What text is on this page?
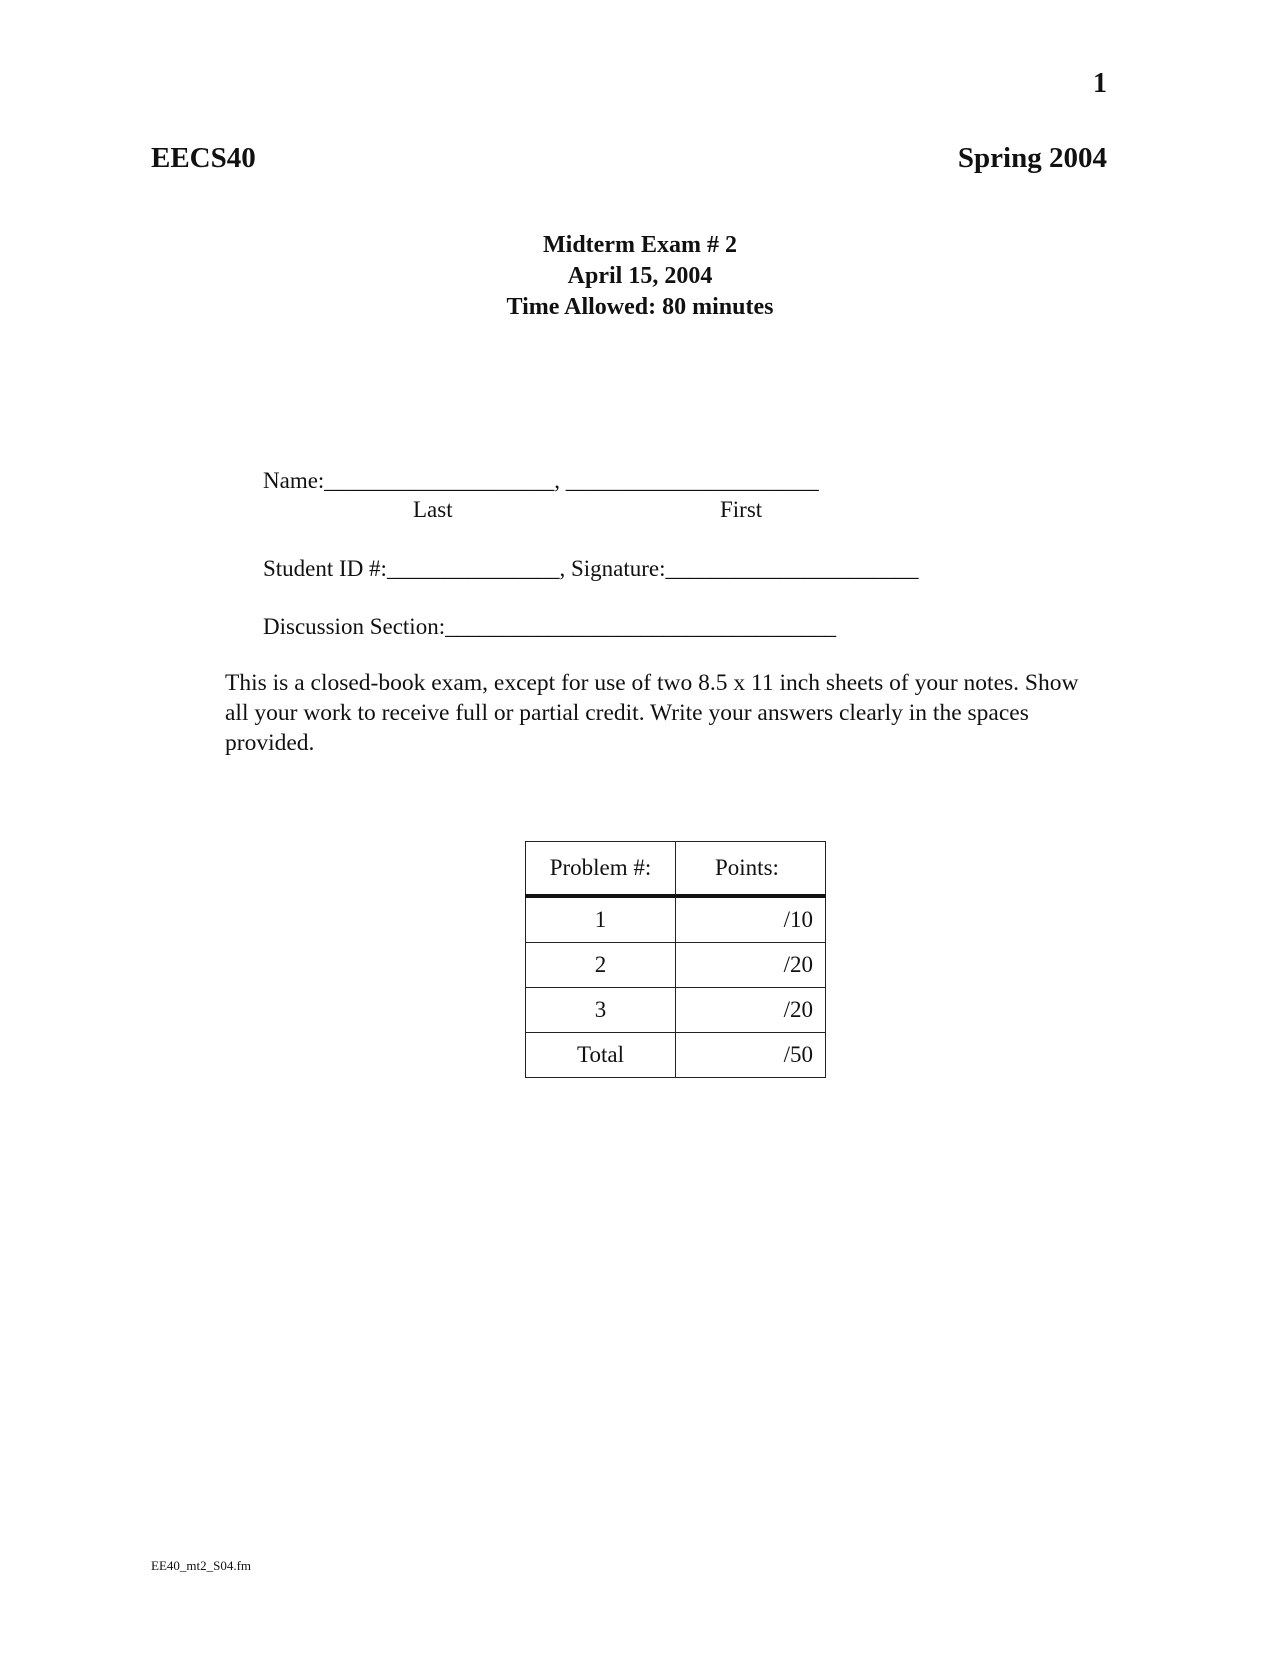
1
EECS40	Spring 2004
Midterm Exam # 2
April 15, 2004
Time Allowed: 80 minutes
Name:____________________, ______________________
Last	First
Student ID #:_______________, Signature:______________________
Discussion Section:__________________________________
This is a closed-book exam, except for use of two 8.5 x 11 inch sheets of your notes. Show all your work to receive full or partial credit. Write your answers clearly in the spaces provided.
Problem #:	Points:
1	/10
2	/20
3	/20
Total	/50
EE40_mt2_S04.fm
